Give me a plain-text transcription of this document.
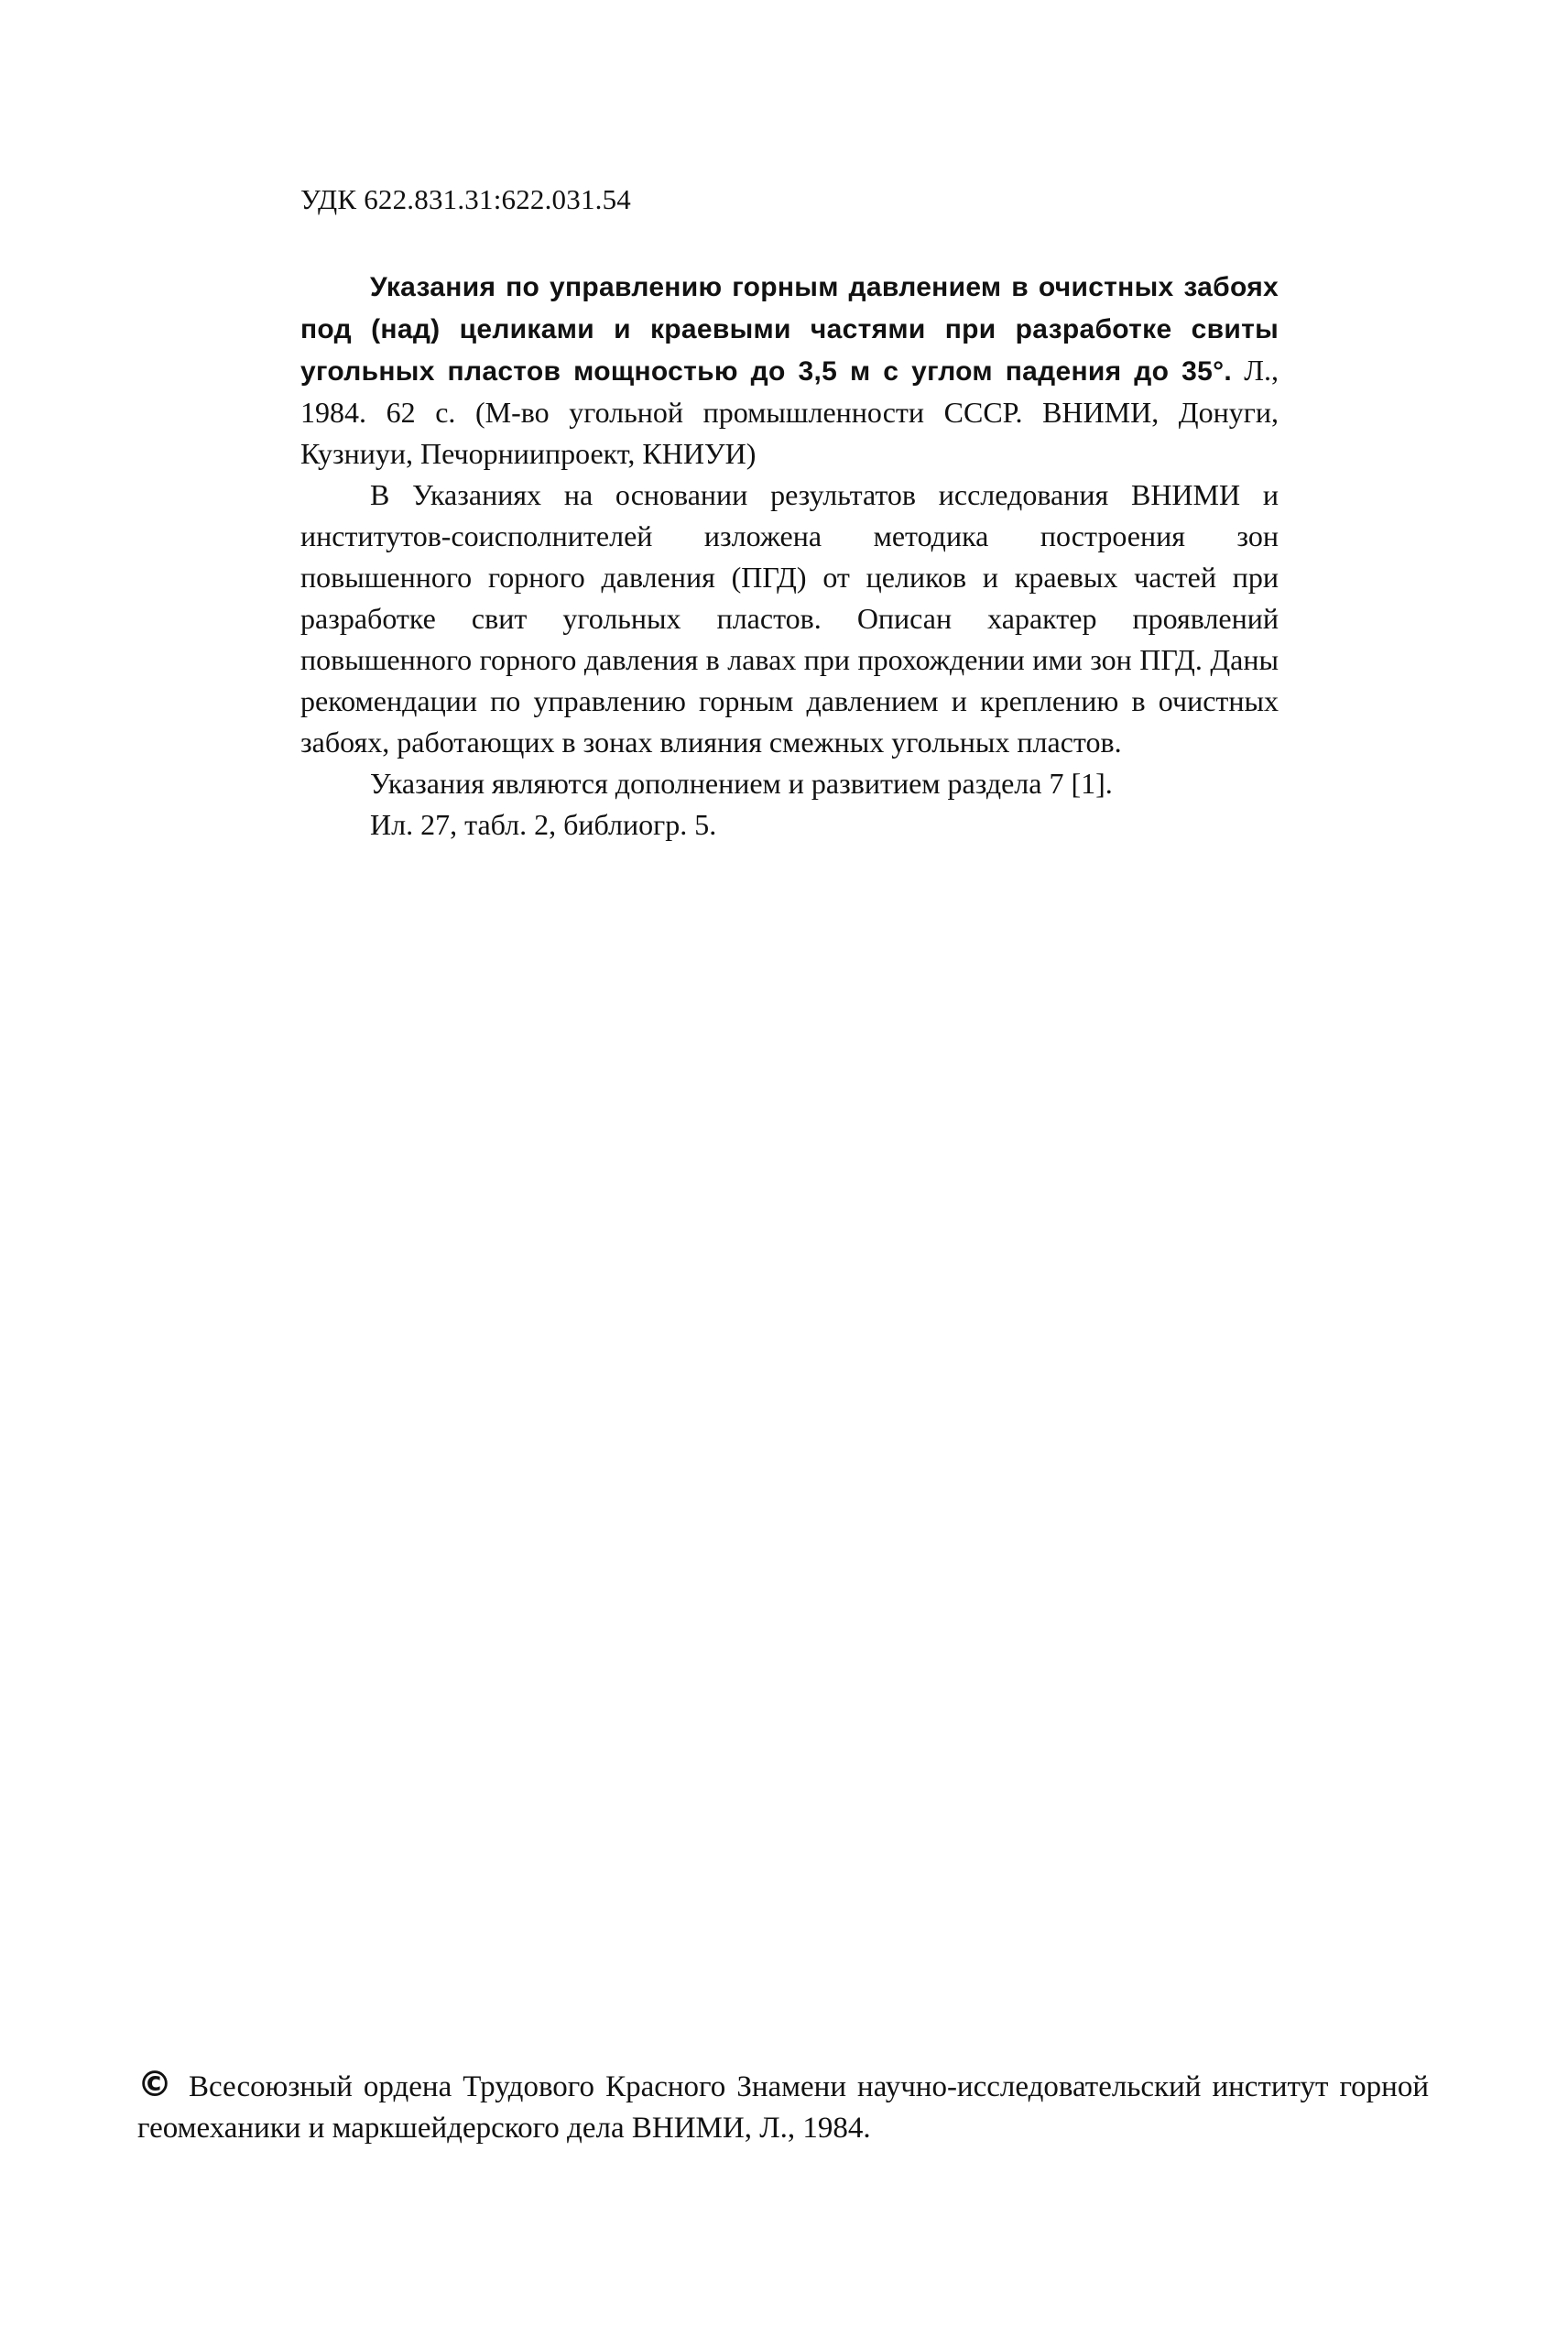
УДК 622.831.31:622.031.54

Указания по управлению горным давлением в очистных забоях под (над) целиками и краевыми частями при разработке свиты угольных пластов мощностью до 3,5 м с углом падения до 35°. Л., 1984. 62 с. (М-во угольной промышленности СССР. ВНИМИ, Донуги, Кузниуи, Печорниипроект, КНИУИ)

В Указаниях на основании результатов исследования ВНИМИ и институтов-соисполнителей изложена методика построения зон повышенного горного давления (ПГД) от целиков и краевых частей при разработке свит угольных пластов. Описан характер проявлений повышенного горного давления в лавах при прохождении ими зон ПГД. Даны рекомендации по управлению горным давлением и креплению в очистных забоях, работающих в зонах влияния смежных угольных пластов.

Указания являются дополнением и развитием раздела 7 [1].

Ил. 27, табл. 2, библиогр. 5.

© Всесоюзный ордена Трудового Красного Знамени научно-исследовательский институт горной геомеханики и маркшейдерского дела ВНИМИ, Л., 1984.
